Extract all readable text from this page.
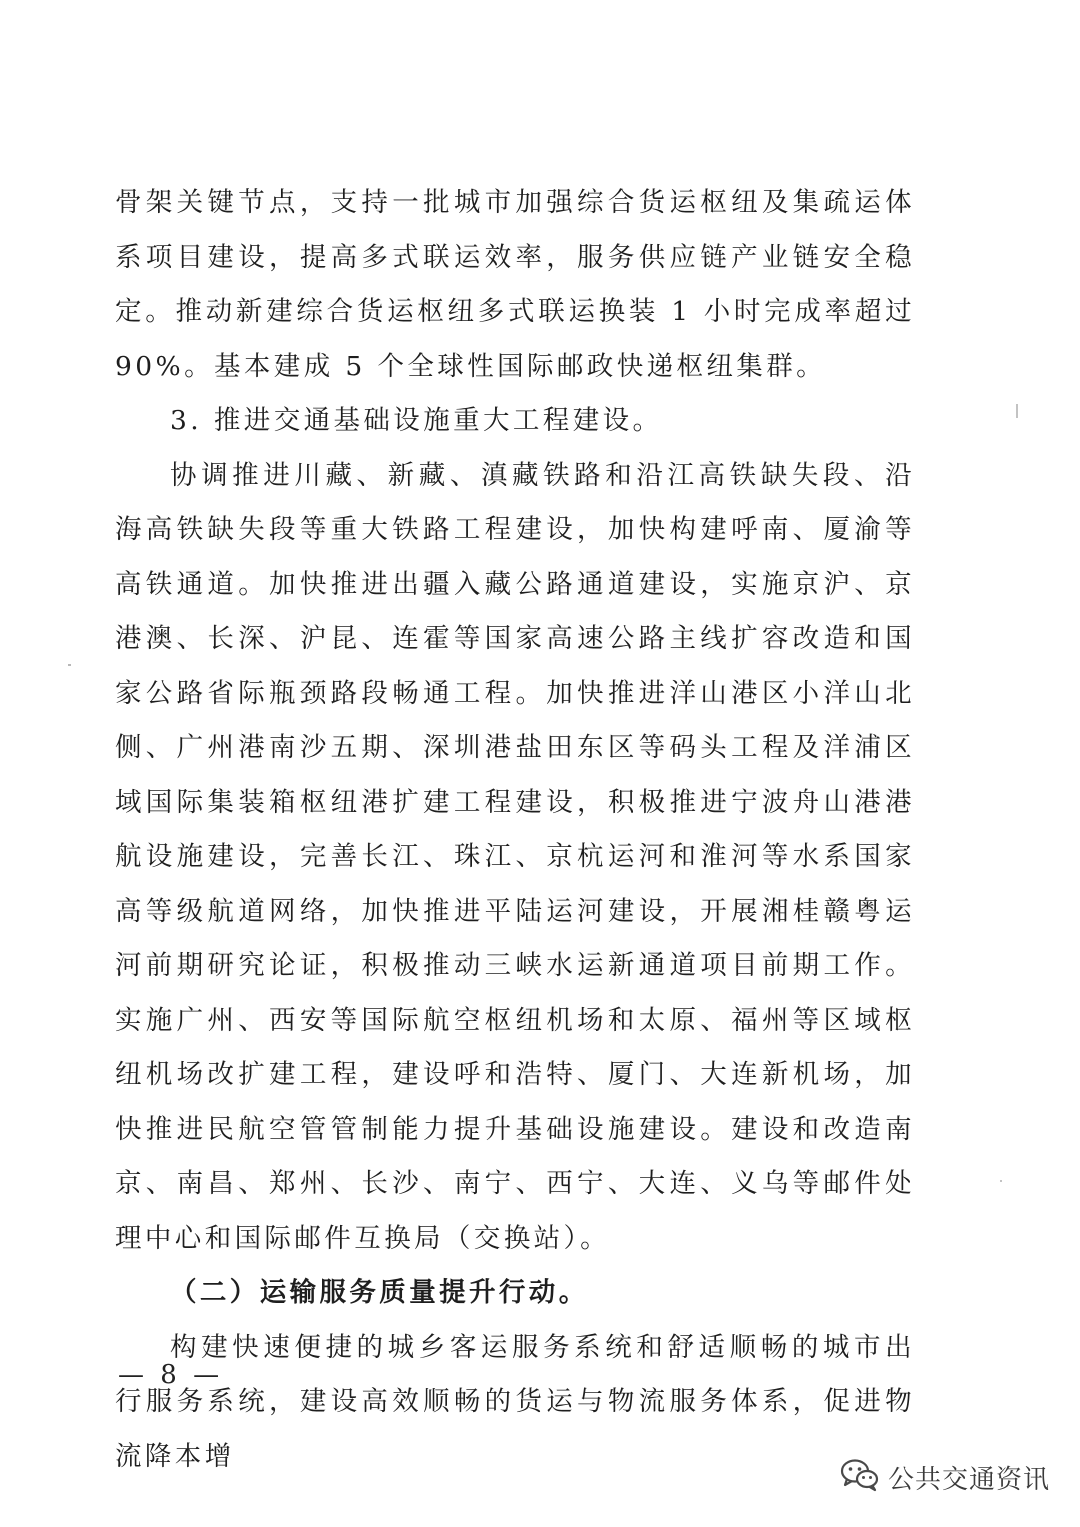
骨架关键节点，支持一批城市加强综合货运枢纽及集疏运体系项目建设，提高多式联运效率，服务供应链产业链安全稳定。推动新建综合货运枢纽多式联运换装 1 小时完成率超过 90%。基本建成 5 个全球性国际邮政快递枢纽集群。

3. 推进交通基础设施重大工程建设。

协调推进川藏、新藏、滇藏铁路和沿江高铁缺失段、沿海高铁缺失段等重大铁路工程建设，加快构建呼南、厦渝等高铁通道。加快推进出疆入藏公路通道建设，实施京沪、京港澳、长深、沪昆、连霍等国家高速公路主线扩容改造和国家公路省际瓶颈路段畅通工程。加快推进洋山港区小洋山北侧、广州港南沙五期、深圳港盐田东区等码头工程及洋浦区域国际集装箱枢纽港扩建工程建设，积极推进宁波舟山港港航设施建设，完善长江、珠江、京杭运河和淮河等水系国家高等级航道网络，加快推进平陆运河建设，开展湘桂赣粤运河前期研究论证，积极推动三峡水运新通道项目前期工作。实施广州、西安等国际航空枢纽机场和太原、福州等区域枢纽机场改扩建工程，建设呼和浩特、厦门、大连新机场，加快推进民航空管管制能力提升基础设施建设。建设和改造南京、南昌、郑州、长沙、南宁、西宁、大连、义乌等邮件处理中心和国际邮件互换局（交换站）。

（二）运输服务质量提升行动。

构建快速便捷的城乡客运服务系统和舒适顺畅的城市出行服务系统，建设高效顺畅的货运与物流服务体系，促进物流降本增

— 8 —
公共交通资讯
